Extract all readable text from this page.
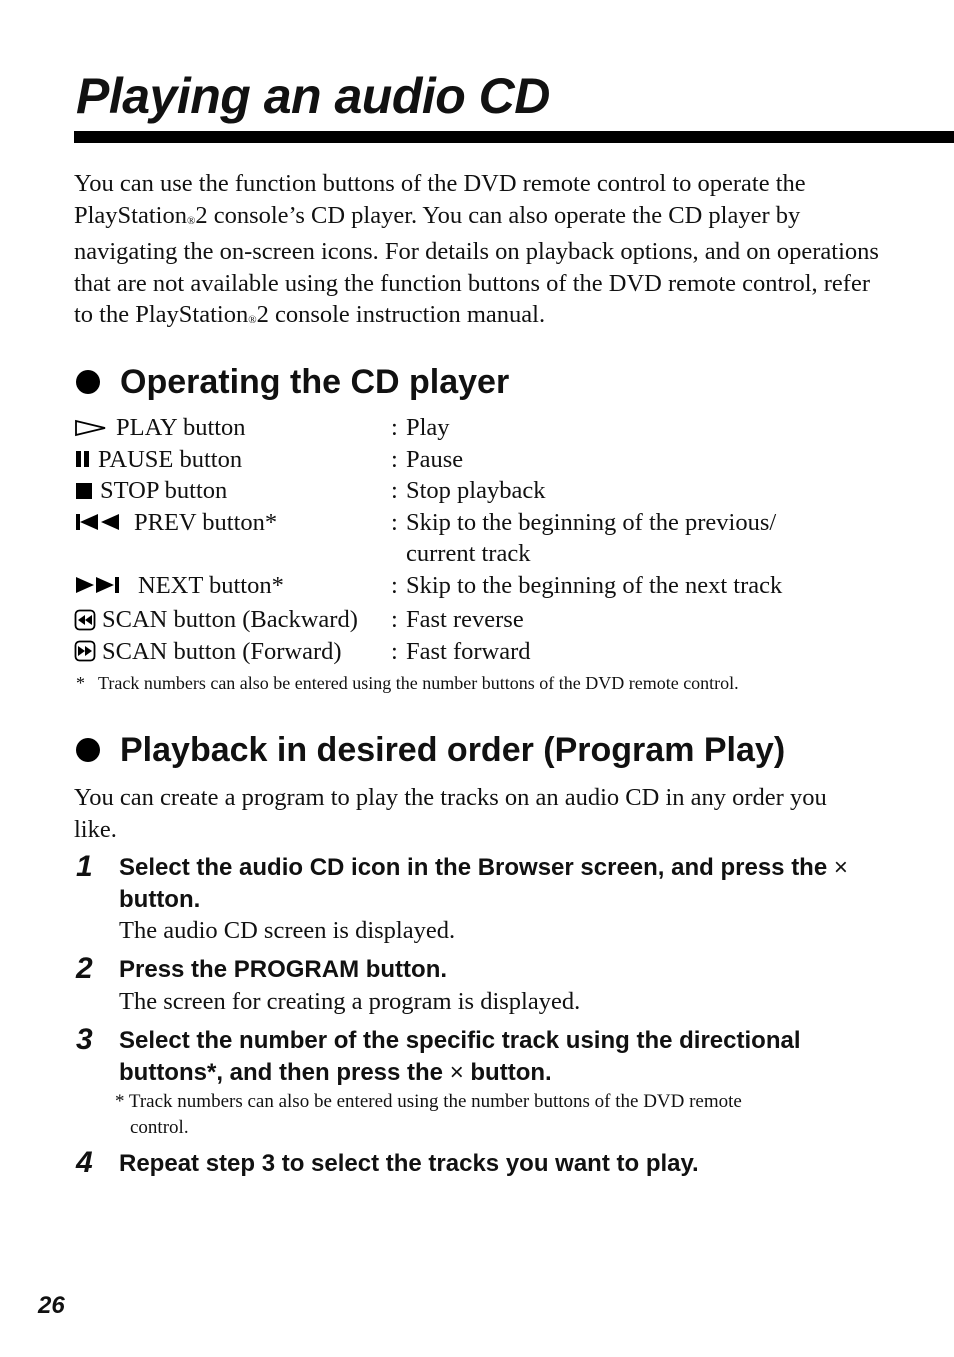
Playing an audio CD

You can use the function buttons of the DVD remote control to operate the PlayStation®2 console’s CD player. You can also operate the CD player by navigating the on-screen icons. For details on playback options, and on operations that are not available using the function buttons of the DVD remote control, refer to the PlayStation®2 console instruction manual.

Operating the CD player
PLAY button	: Play
PAUSE button	: Pause
STOP button	: Stop playback
PREV button*	: Skip to the beginning of the previous/ current track
NEXT button*	: Skip to the beginning of the next track
SCAN button (Backward) : Fast reverse
SCAN button (Forward) : Fast forward
* Track numbers can also be entered using the number buttons of the DVD remote control.
Playback in desired order (Program Play)

You can create a program to play the tracks on an audio CD in any order you like.

1 Select the audio CD icon in the Browser screen, and press the × button.
The audio CD screen is displayed.
2 Press the PROGRAM button.
The screen for creating a program is displayed.
3 Select the number of the specific track using the directional buttons*, and then press the × button.
* Track numbers can also be entered using the number buttons of the DVD remote
control.
4 Repeat step 3 to select the tracks you want to play.
26
